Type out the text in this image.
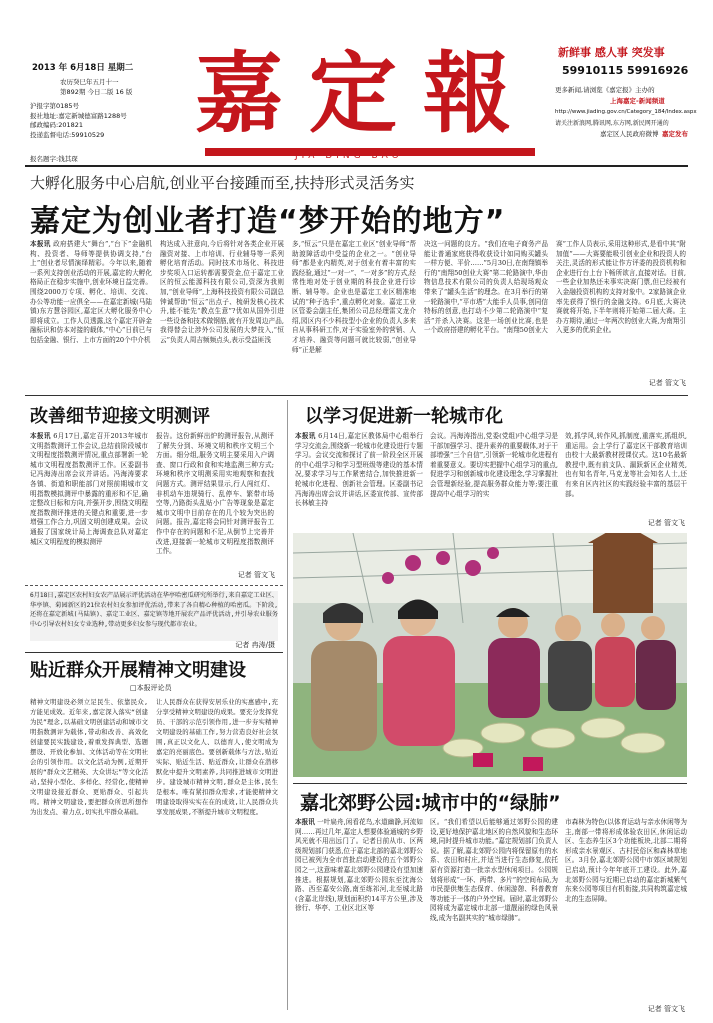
2013 年 6月18日 星期二
农历癸巳年五月十一
第892期 今日二版 16 版
沪报字第0185号
报社地址:嘉定新城德富路1288号
邮政编码:201821
投递监督电话:59910529	嘉定報
JIA DING BAO
新鲜事 感人事 突发事
59910115 59916926
更多新闻,请浏览《嘉定报》主办的
上海嘉定-新闻频道
http://www.jiading.gov.cn/Category_184/Index.aspx
请关注新浪网,腾讯网,东方网,新民网开通的
嘉定区人民政府微博 嘉定发布
报名题字:钱其琛
大孵化服务中心启航,创业平台接踵而至,扶持形式灵活务实
嘉定为创业者打造“梦开始的地方”
本报讯 政府搭建大“舞台”,“台下”金融机构、投资者、导师等提供协调支持,“台上”创业者尽情演绎精彩。今年以来,随着一系列支持创业活动的开展,嘉定的大孵化格局正在稳步实施中,创业环境日益完善。围绕2000万专项、孵化、培训、交流、办公等功能一应俱全——在嘉定新城(马陆镇)东方慧谷园区,嘉定区大孵化服务中心即将成立。工作人员透露,这个嘉定开辟金融标识和仿本对接的载体,“中心”日前已与包括金融、银行、上市方面的20个中介机
构达成入驻意向,今后将针对各类企业开展融资对接、上市培训、行业辅导等一系列孵化培育活动。同时技术市场化、科技进步奖项入口运转都需要资金,位于嘉定工业区的恒云能源科技有限公司,资深为我则加,“创业导师”,上海科技投资有限公司副总钟诚帮助“恒云”出点子、梳研发核心技术升,能不能先“教点生意”?优如从国外引进一些设备和技术做钢筋,就有开发周边产品,我得替会让涉外公司发展的大梦技入,“恒云”负责人周吉频频点头,表示受益匪浅
多,“恒云”只是在嘉定工业区“创业导师”帮助渡障活动中受益的企业之一。“创业导师”都是业内精英,对于创业有着丰富的实践经验,通过“一对一”、“一对多”的方式,经常性地对处于创业期的科技企业进行诊断、辅导等。企业也是嘉定工业区精准地试的“种子选手”,重点孵化对象。嘉定工业区管委会副主任,集团公司总经理雷文龙介绍,园区内不少科技型小企业的负责人多来自从事科研工作,对于实验室外的营销、人才培养、融资等问题可就比较弱,“创业导师”正是解
决这一问题的良方。“我们在电子商务产品能让普通家庭获得收获设计如同购买罐头一样方便、平价……”5月30日,在南翔镇举行的“南翔50创业大赛”第二轮路演中,华由物信息技术有限公司的负责人给现场观众带来了“罐头生活”的理念。在3月举行的第一轮路演中,“平市塔”大能手人员事,创同信特标的创意,也打动不少第二轮路演中“复活”并杀入决赛。这是一场创业比赛,也是一个政府搭建的孵化平台。“南翔50创业大
赛”工作人员表示,采用这种形式,是看中其“附加值”——大赛要能吸引创业企业和投资人的关注,灵活的形式能让作方评委的投资机构和企业进行台上台下畅所欲言,直接对话。目前,一些企业加热还未事实决赛门票,但已经被有入金融投资机构的支持对象中。2家路演企业率先获得了银行的金融支持。6月底,大赛决赛就将开始,下半年则将开始第二届大赛。主办方期待,通过一年两次的创业大赛,为南翔引入更多的优质企业。
记者 管文飞
改善细节迎接文明测评
本报讯 6月17日,嘉定召开2013年城市文明指数测评工作会议,总结前阶段城市文明程度指数测评情况,重点部署新一轮城市文明程度指数测评工作。区委副书记冯海涛出席会议并讲话。冯海涛要求各镇、街道和职能部门对照前期城市文明指数模拟测评中暴露的重形和不足,确定整改目标和方向,并强开步,围绕文明程度指数测评推进的关键点和重要,进一步增强工作合力,巩固文明创建成果。会议通报了国家统计局上海调查总队对嘉定城区文明程度的模拟测评
报告。这份新鲜出炉的测评报告,从测评了解失分到、环境文明和秩序文明三个方面。细分组,服务文明主要采用入户调查、窗口行政和食和实地监测三种方式;环境和秩序文明测采用实地观察和查找问题方式。测评结果显示,行人闯红灯、非机动车违规骑行、乱停车、繁带市场空等,乃路街头乱贴小广告等现象是嘉定城市文明中目前存在的几个较为突出的问题。报告,嘉定将会同针对测评报告工作中存在的问题和不足,从倒节上完善并改进,迎接新一轮城市文明程度指数测评工作。
记者 管文飞
6月18日,嘉定区农村妇女农产品展示评优活动在华亭哈密瓜研究所举行,来自嘉定工业区、华亭镇、菊园新区的21位农村妇女参加评优活动,带来了各自精心种植的哈密瓜。下阶段,还将在嘉定新城(马陆镇)、嘉定工业区、嘉定镇等地开展农产品评优活动,并引导农业服务中心引导农村妇女专业选种,带动更多妇女参与现代都市农业。
记者 冉涛/摄
贴近群众开展精神文明建设
□本报评论员
精神文明建设必须立足民生、依靠民众,方能见成效。近年来,嘉定深入落实“创建为民”理念,以基础文明创建活动和城市文明指数测评为载体,带动和改善、高效化创建要民实践建设,着重发挥典型、选题摆设、开放化参加、文体活动等在文明社会的引领作用。以文化活动为例,近期开展的“群众文艺精英、大众讲坛”等文化活动,坚持小型化、多样化、经常化,使精神文明建设接近群众、更贴群众、引起共鸣。精神文明建设,要把群众所思所想作为出发点、着力点,切实扎牢群众基础。
让人民群众在获得安居乐业的实惠感中,充分享受精神文明建设的成果。要充分发挥党员、干部的示范引领作用,进一步夯实精神文明建设的基础工作,努力营造良好社会氛围,真正以文化人、以德育人,使文明成为嘉定的亮丽底色。要创新载体与方法,贴近实际、贴近生活、贴近群众,让群众在潜移默化中提升文明素养,共同推进城市文明进步。建设城市精神文明,群众是主体,民生是根本。唯有紧扣群众需求,才能使精神文明建设取得实实在在的成效,让人民群众共享发展成果,不断提升城市文明程度。
以学习促进新一轮城市化
本报讯 6月14日,嘉定区教体局中心组举行学习交流会,围绕新一轮城市化建设进行专题学习。会议交流和探讨了前一阶段全区开展的中心组学习和学习型班级等建设的基本情况,要求学习与工作紧密结合,加快推进新一轮城市化进程、创新社会管理。区委副书记冯海涛出席会议并讲话,区委宣传部、宣传部长林敏主持
会议。冯海涛指出,党委(党组)中心组学习是干部加强学习、提升素养的重要载体,对于干部增强“三个自信”,引领新一轮城市化进程有着重要意义。要切实把握中心组学习的重点,促进学习和创新城市化建设理念,学习掌握社会管理新经验,提高服务群众能力等;要注重提高中心组学习的实
效,抓学风,转作风,抓制度,重落实,抓组织,重运用。会上学行了嘉定区干部教育培训由校十大最新教材授课仪式。这10名最新教授中,既有前支队、漏跃新区企业精英,也有知名青年,马克龙等社会知名人士,还有来自区内社区的实践经验丰富的基层干部。
记者 管文飞
嘉北郊野公园:城市中的“绿肺”
本报讯 一叶扁舟,闲看花鸟,水道幽静,河流如网……再过几年,嘉定人想要体验通城的乡野风光就不用出远门了。记者日前从市、区两级规划部门获悉,位于嘉定北部的嘉北郊野公园已被列为全市首批启动建设的五个郊野公园之一,这意味着嘉北郊野公园建设有望加速推进。根据规划,嘉北郊野公园东至沈海公路、西至嘉安公路,南至练祁河,北至城北路(含嘉北岸线),规划面积约14平方公里,涉及徐行、华亭、工业区北区等
区。“我们希望以后能够通过郊野公园的建设,更好地保护嘉北地区的自然风貌和生态环境,同时提升城市功能。”嘉定规划部门负责人说。据了解,嘉北郊野公园内将保留原有的水系、农田和村庄,并适当进行生态修复,依托原有资源打造一批亲水型休闲项目。公园规划将形成“一环、两带、多片”的空间布局,为市民提供集生态保育、休闲游憩、科普教育等功能于一体的户外空间。届时,嘉北郊野公园将成为嘉定城市北部一道靓丽的绿色风景线,成为名副其实的“城市绿肺”。
市森林为特色(以体育运动与亲水休闲等为主,南部一带将形成体验农田区,休闲运动区、生态养生区3个功能板块,北部二期将形成亲水景观区、古村民俗区和森林草地区。3月份,嘉北郊野公园中市郊区域规划已启动,预计今年年底开工建设。此外,嘉北郊野公园与近期已启动的嘉定新城紫气东来公园等项目有机衔接,共同构筑嘉定城北的生态屏障。
记者 管文飞
